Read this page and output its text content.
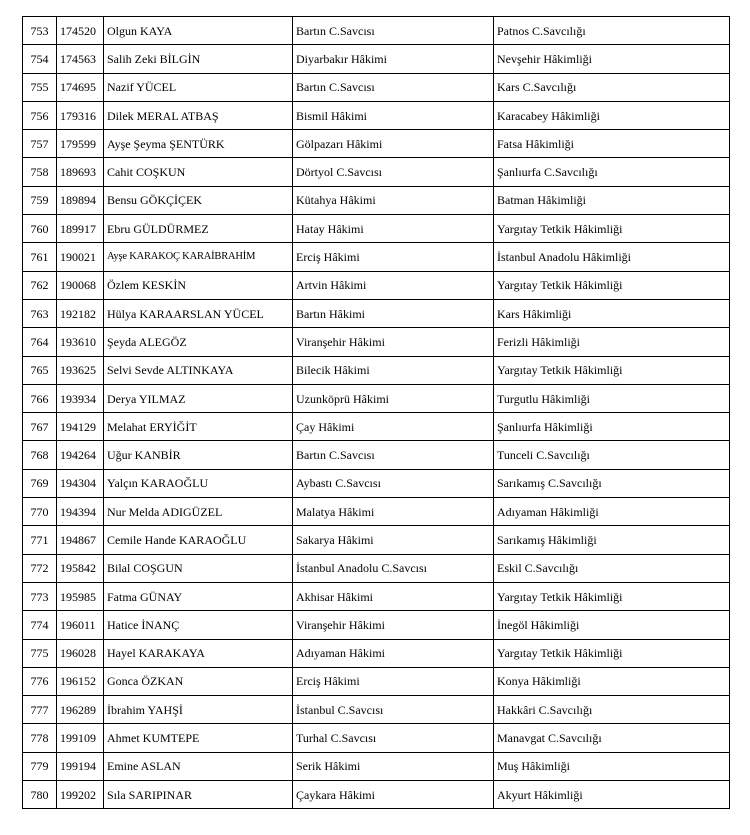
753	174520	Olgun KAYA	Bartın C.Savcısı	Patnos C.Savcılığı
754	174563	Salih Zeki BİLGİN	Diyarbakır Hâkimi	Nevşehir Hâkimliği
755	174695	Nazif YÜCEL	Bartın C.Savcısı	Kars C.Savcılığı
756	179316	Dilek MERAL ATBAŞ	Bismil Hâkimi	Karacabey Hâkimliği
757	179599	Ayşe Şeyma ŞENTÜRK	Gölpazarı Hâkimi	Fatsa Hâkimliği
758	189693	Cahit COŞKUN	Dörtyol C.Savcısı	Şanlıurfa C.Savcılığı
759	189894	Bensu GÖKÇİÇEK	Kütahya Hâkimi	Batman Hâkimliği
760	189917	Ebru GÜLDÜRMEZ	Hatay Hâkimi	Yargıtay Tetkik Hâkimliği
761	190021	Ayşe KARAKOÇ KARAİBRAHİM	Erciş Hâkimi	İstanbul Anadolu Hâkimliği
762	190068	Özlem KESKİN	Artvin Hâkimi	Yargıtay Tetkik Hâkimliği
763	192182	Hülya KARAARSLAN YÜCEL	Bartın Hâkimi	Kars Hâkimliği
764	193610	Şeyda ALEGÖZ	Viranşehir Hâkimi	Ferizli Hâkimliği
765	193625	Selvi Sevde ALTINKAYA	Bilecik Hâkimi	Yargıtay Tetkik Hâkimliği
766	193934	Derya YILMAZ	Uzunköprü Hâkimi	Turgutlu Hâkimliği
767	194129	Melahat ERYİĞİT	Çay Hâkimi	Şanlıurfa Hâkimliği
768	194264	Uğur KANBİR	Bartın C.Savcısı	Tunceli C.Savcılığı
769	194304	Yalçın KARAOĞLU	Aybastı C.Savcısı	Sarıkamış C.Savcılığı
770	194394	Nur Melda ADIGÜZEL	Malatya Hâkimi	Adıyaman Hâkimliği
771	194867	Cemile Hande KARAOĞLU	Sakarya Hâkimi	Sarıkamış Hâkimliği
772	195842	Bilal COŞGUN	İstanbul Anadolu C.Savcısı	Eskil C.Savcılığı
773	195985	Fatma GÜNAY	Akhisar Hâkimi	Yargıtay Tetkik Hâkimliği
774	196011	Hatice İNANÇ	Viranşehir Hâkimi	İnegöl Hâkimliği
775	196028	Hayel KARAKAYA	Adıyaman Hâkimi	Yargıtay Tetkik Hâkimliği
776	196152	Gonca ÖZKAN	Erciş Hâkimi	Konya Hâkimliği
777	196289	İbrahim YAHŞİ	İstanbul C.Savcısı	Hakkâri C.Savcılığı
778	199109	Ahmet KUMTEPE	Turhal C.Savcısı	Manavgat C.Savcılığı
779	199194	Emine ASLAN	Serik Hâkimi	Muş Hâkimliği
780	199202	Sıla SARIPINAR	Çaykara Hâkimi	Akyurt Hâkimliği
